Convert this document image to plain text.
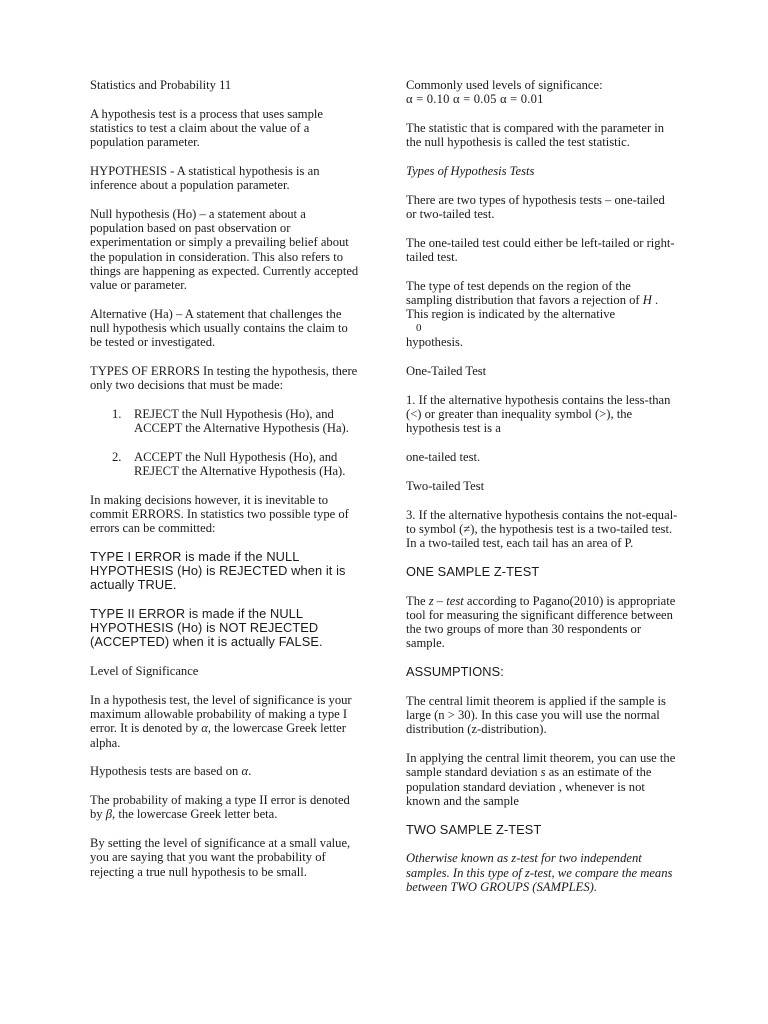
Statistics and Probability 11

A hypothesis test is a process that uses sample statistics to test a claim about the value of a population parameter.

HYPOTHESIS - A statistical hypothesis is an inference about a population parameter.

Null hypothesis (Ho) – a statement about a population based on past observation or experimentation or simply a prevailing belief about the population in consideration. This also refers to things are happening as expected. Currently accepted value or parameter.

Alternative (Ha) – A statement that challenges the null hypothesis which usually contains the claim to be tested or investigated.

TYPES OF ERRORS In testing the hypothesis, there only two decisions that must be made:

1. REJECT the Null Hypothesis (Ho), and ACCEPT the Alternative Hypothesis (Ha).
2. ACCEPT the Null Hypothesis (Ho), and REJECT the Alternative Hypothesis (Ha).

In making decisions however, it is inevitable to commit ERRORS. In statistics two possible type of errors can be committed:

TYPE I ERROR is made if the NULL HYPOTHESIS (Ho) is REJECTED when it is actually TRUE.

TYPE II ERROR is made if the NULL HYPOTHESIS (Ho) is NOT REJECTED (ACCEPTED) when it is actually FALSE.

Level of Significance

In a hypothesis test, the level of significance is your maximum allowable probability of making a type I error. It is denoted by α, the lowercase Greek letter alpha.

Hypothesis tests are based on α.

The probability of making a type II error is denoted by β, the lowercase Greek letter beta.

By setting the level of significance at a small value, you are saying that you want the probability of rejecting a true null hypothesis to be small.

Commonly used levels of significance:

α = 0.10 α = 0.05 α = 0.01

The statistic that is compared with the parameter in the null hypothesis is called the test statistic.

Types of Hypothesis Tests

There are two types of hypothesis tests – one-tailed or two-tailed test.

The one-tailed test could either be left-tailed or right-tailed test.

The type of test depends on the region of the sampling distribution that favors a rejection of H . This region is indicated by the alternative
0
hypothesis.

One-Tailed Test

1. If the alternative hypothesis contains the less-than (<) or greater than inequality symbol (>), the hypothesis test is a

one-tailed test.

Two-tailed Test

3. If the alternative hypothesis contains the not-equal-to symbol (≠), the hypothesis test is a two-tailed test. In a two-tailed test, each tail has an area of P.

ONE SAMPLE Z-TEST

The z – test according to Pagano(2010) is appropriate tool for measuring the significant difference between the two groups of more than 30 respondents or sample.

ASSUMPTIONS:

The central limit theorem is applied if the sample is large (n > 30). In this case you will use the normal distribution (z-distribution).

In applying the central limit theorem, you can use the sample standard deviation s as an estimate of the population standard deviation , whenever is not known and the sample

TWO SAMPLE Z-TEST

Otherwise known as z-test for two independent samples. In this type of z-test, we compare the means between TWO GROUPS (SAMPLES).
